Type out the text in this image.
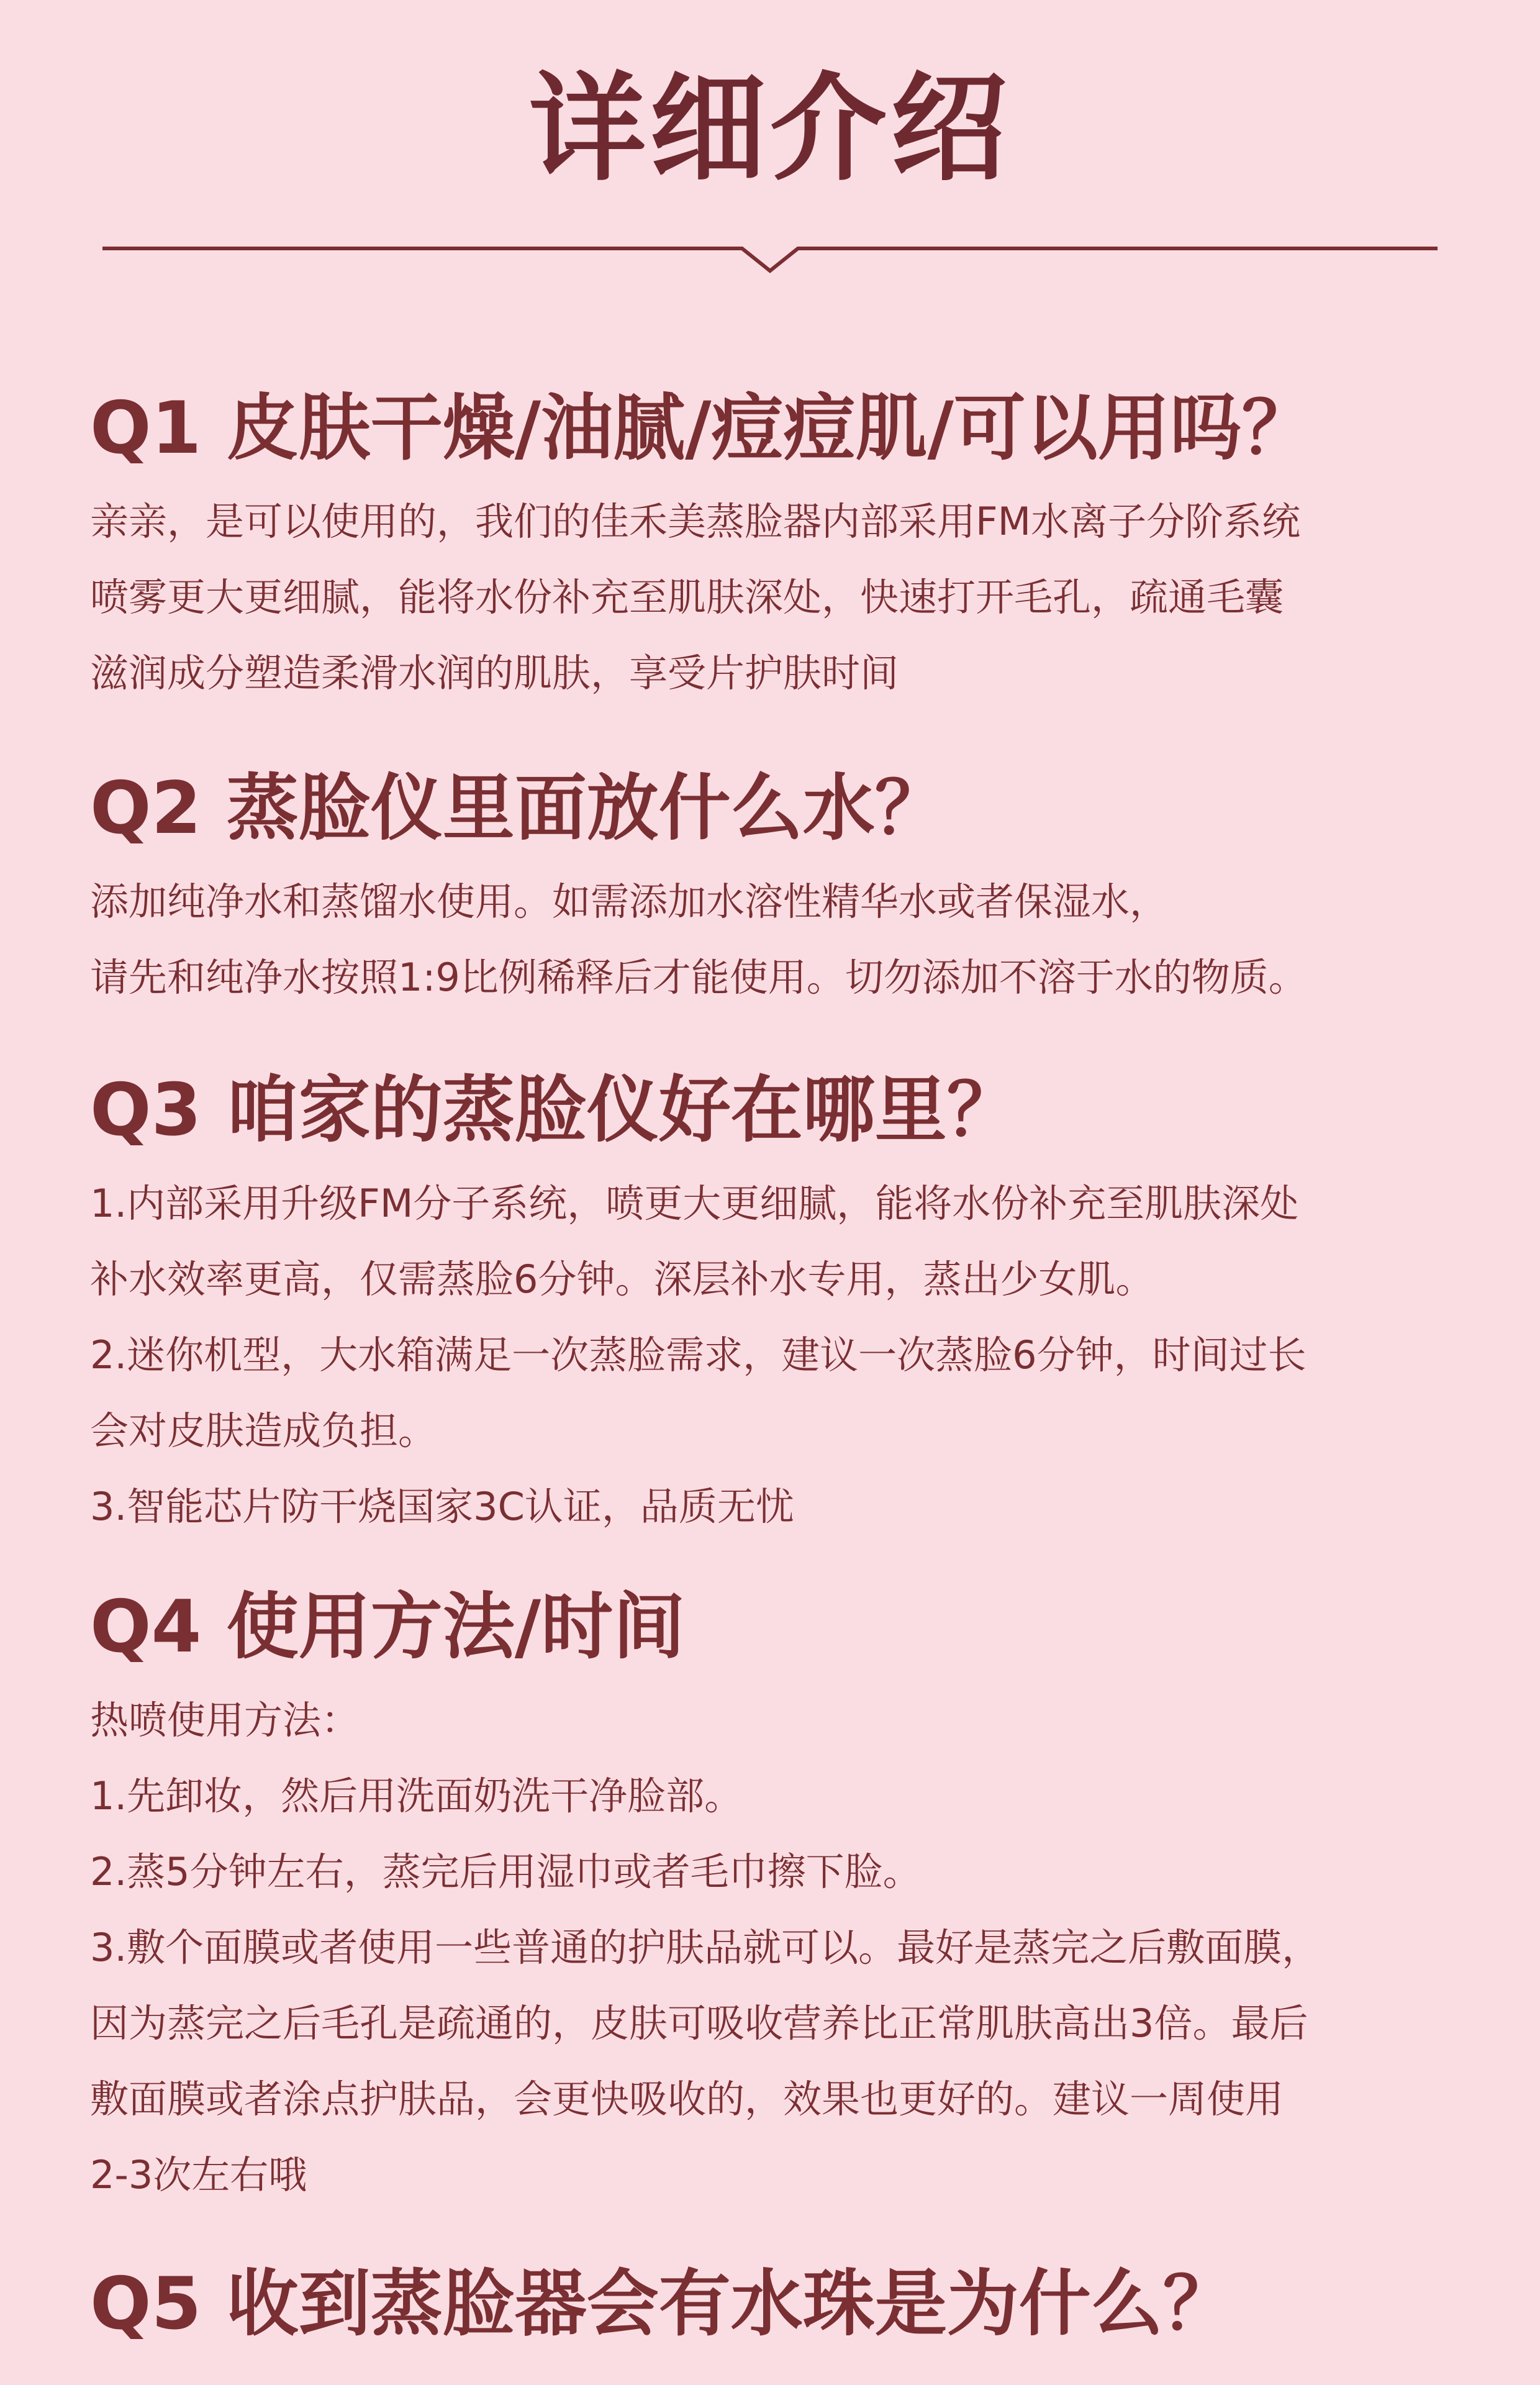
详细介绍
Q1 皮肤干燥/油腻/痘痘肌/可以用吗？

亲亲，是可以使用的，我们的佳禾美蒸脸器内部采用FM水离子分阶系统

喷雾更大更细腻，能将水份补充至肌肤深处，快速打开毛孔，疏通毛囊

滋润成分塑造柔滑水润的肌肤，享受片护肤时间

Q2 蒸脸仪里面放什么水？

添加纯净水和蒸馏水使用。如需添加水溶性精华水或者保湿水，

请先和纯净水按照1:9比例稀释后才能使用。切勿添加不溶于水的物质。

Q3 咱家的蒸脸仪好在哪里？

1.内部采用升级FM分子系统，喷更大更细腻，能将水份补充至肌肤深处

补水效率更高，仅需蒸脸6分钟。深层补水专用，蒸出少女肌。

2.迷你机型，大水箱满足一次蒸脸需求，建议一次蒸脸6分钟，时间过长

会对皮肤造成负担。

3.智能芯片防干烧国家3C认证，品质无忧

Q4 使用方法/时间

热喷使用方法：

1.先卸妆，然后用洗面奶洗干净脸部。

2.蒸5分钟左右，蒸完后用湿巾或者毛巾擦下脸。

3.敷个面膜或者使用一些普通的护肤品就可以。最好是蒸完之后敷面膜，

因为蒸完之后毛孔是疏通的，皮肤可吸收营养比正常肌肤高出3倍。最后

敷面膜或者涂点护肤品，会更快吸收的，效果也更好的。建议一周使用

2-3次左右哦

Q5 收到蒸脸器会有水珠是为什么？
